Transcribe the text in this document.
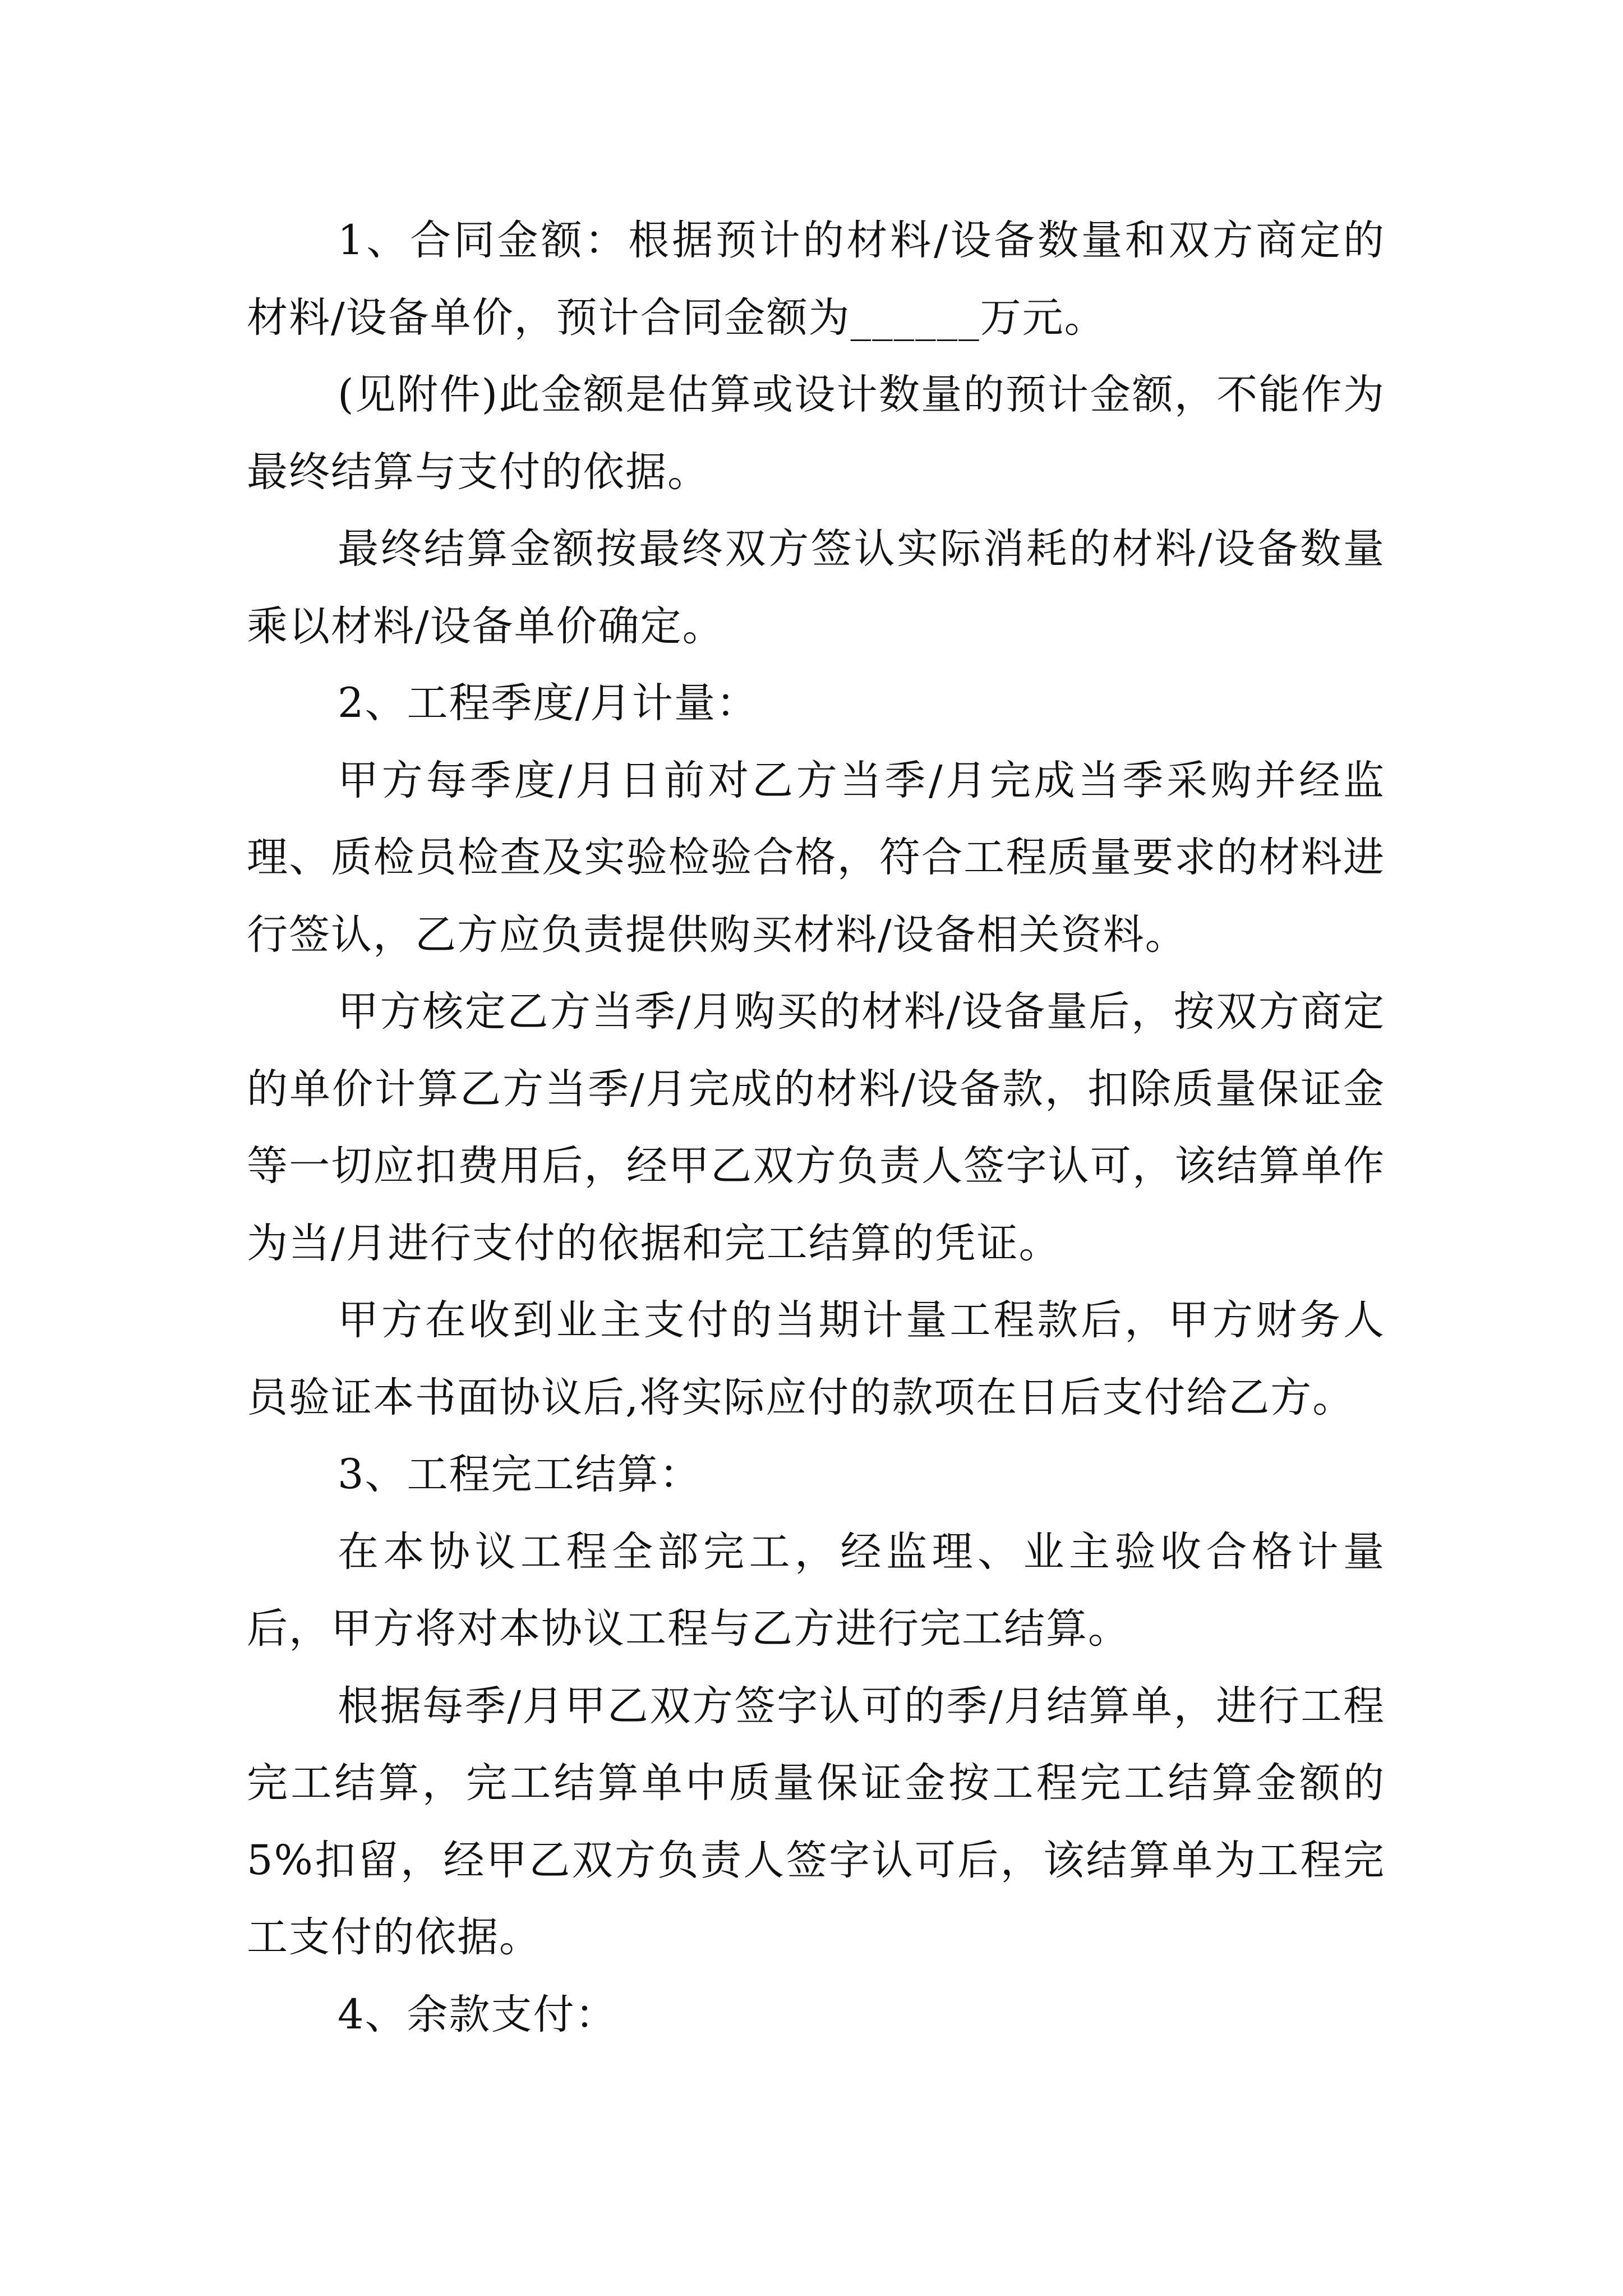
1、合同金额：根据预计的材料/设备数量和双方商定的材料/设备单价，预计合同金额为______万元。

(见附件)此金额是估算或设计数量的预计金额，不能作为最终结算与支付的依据。

最终结算金额按最终双方签认实际消耗的材料/设备数量乘以材料/设备单价确定。

2、工程季度/月计量：

甲方每季度/月日前对乙方当季/月完成当季采购并经监理、质检员检查及实验检验合格，符合工程质量要求的材料进行签认，乙方应负责提供购买材料/设备相关资料。

甲方核定乙方当季/月购买的材料/设备量后，按双方商定的单价计算乙方当季/月完成的材料/设备款，扣除质量保证金等一切应扣费用后，经甲乙双方负责人签字认可，该结算单作为当/月进行支付的依据和完工结算的凭证。

甲方在收到业主支付的当期计量工程款后，甲方财务人员验证本书面协议后,将实际应付的款项在日后支付给乙方。

3、工程完工结算：

在本协议工程全部完工，经监理、业主验收合格计量后，甲方将对本协议工程与乙方进行完工结算。

根据每季/月甲乙双方签字认可的季/月结算单，进行工程完工结算，完工结算单中质量保证金按工程完工结算金额的 5%扣留，经甲乙双方负责人签字认可后，该结算单为工程完工支付的依据。

4、余款支付：
